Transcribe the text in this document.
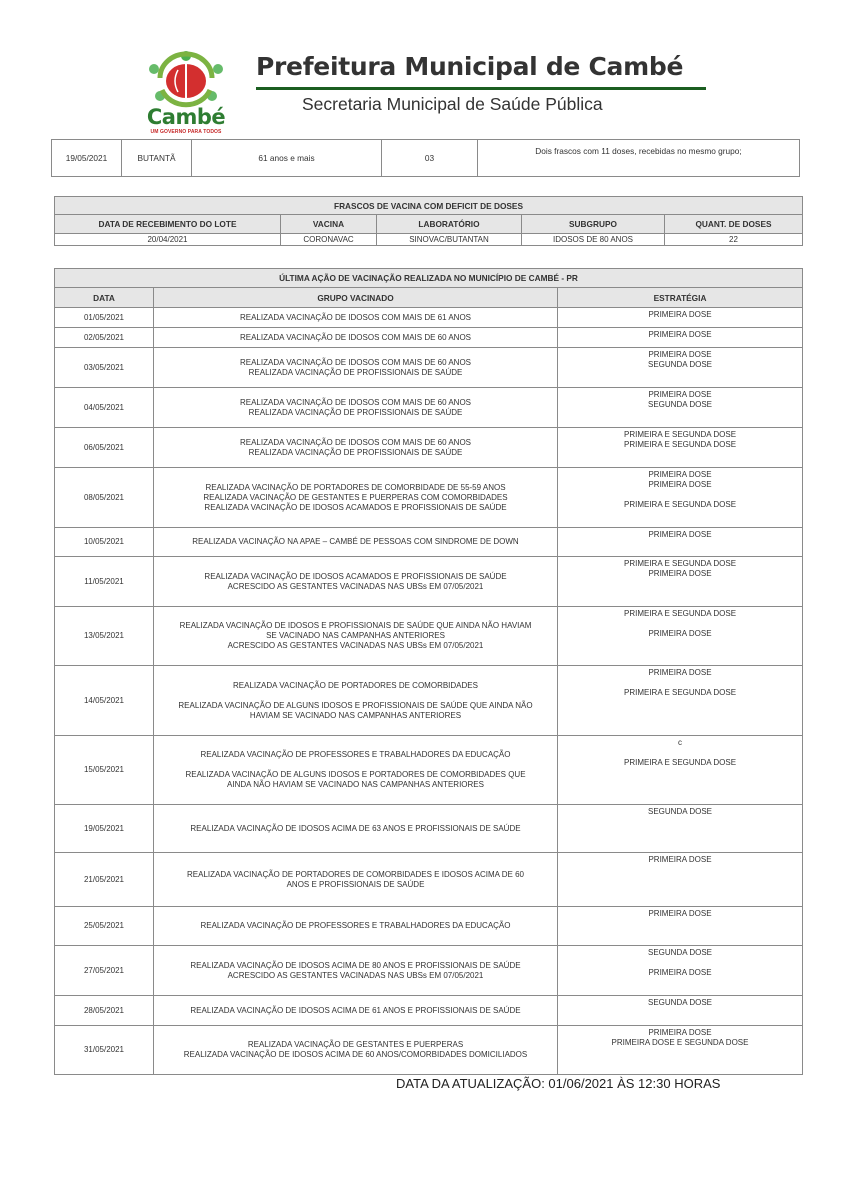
Cambé
UM GOVERNO PARA TODOS
Prefeitura Municipal de Cambé
Secretaria Municipal de Saúde Pública
19/05/2021	BUTANTÃ	61 anos e mais	03	Dois frascos com 11 doses, recebidas no mesmo grupo;
FRASCOS DE VACINA COM DEFICIT DE DOSES				
DATA DE RECEBIMENTO DO LOTE	VACINA	LABORATÓRIO	SUBGRUPO	QUANT. DE DOSES
20/04/2021	CORONAVAC	SINOVAC/BUTANTAN	IDOSOS DE 80 ANOS	22
ÚLTIMA AÇÃO DE VACINAÇÃO REALIZADA NO MUNICÍPIO DE CAMBÉ - PR		
DATA	GRUPO VACINADO	ESTRATÉGIA
01/05/2021	REALIZADA VACINAÇÃO DE IDOSOS COM MAIS DE 61 ANOS	PRIMEIRA DOSE
02/05/2021	REALIZADA VACINAÇÃO DE IDOSOS COM MAIS DE 60 ANOS	PRIMEIRA DOSE
03/05/2021	REALIZADA VACINAÇÃO DE IDOSOS COM MAIS DE 60 ANOS
REALIZADA VACINAÇÃO DE PROFISSIONAIS DE SAÚDE	PRIMEIRA DOSE
SEGUNDA DOSE
04/05/2021	REALIZADA VACINAÇÃO DE IDOSOS COM MAIS DE 60 ANOS
REALIZADA VACINAÇÃO DE PROFISSIONAIS DE SAÚDE	PRIMEIRA DOSE
SEGUNDA DOSE
06/05/2021	REALIZADA VACINAÇÃO DE IDOSOS COM MAIS DE 60 ANOS
REALIZADA VACINAÇÃO DE PROFISSIONAIS DE SAÚDE	PRIMEIRA E SEGUNDA DOSE
PRIMEIRA E SEGUNDA DOSE
08/05/2021	REALIZADA VACINAÇÃO DE PORTADORES DE COMORBIDADE DE 55-59 ANOS
REALIZADA VACINAÇÃO DE GESTANTES E PUERPERAS COM COMORBIDADES
REALIZADA VACINAÇÃO DE IDOSOS ACAMADOS E PROFISSIONAIS DE SAÚDE	PRIMEIRA DOSE
PRIMEIRA DOSE

PRIMEIRA E SEGUNDA DOSE
10/05/2021	REALIZADA VACINAÇÃO NA APAE – CAMBÉ DE PESSOAS COM SINDROME DE DOWN	PRIMEIRA DOSE
11/05/2021	REALIZADA VACINAÇÃO DE IDOSOS ACAMADOS E PROFISSIONAIS DE SAÚDE
ACRESCIDO AS GESTANTES VACINADAS NAS UBSs EM 07/05/2021	PRIMEIRA E SEGUNDA DOSE
PRIMEIRA DOSE
13/05/2021	REALIZADA VACINAÇÃO DE IDOSOS E PROFISSIONAIS DE SAÚDE QUE AINDA NÃO HAVIAM
SE VACINADO NAS CAMPANHAS ANTERIORES
ACRESCIDO AS GESTANTES VACINADAS NAS UBSs EM 07/05/2021	PRIMEIRA E SEGUNDA DOSE

PRIMEIRA DOSE
14/05/2021	REALIZADA VACINAÇÃO DE PORTADORES DE COMORBIDADES

REALIZADA VACINAÇÃO DE ALGUNS IDOSOS E PROFISSIONAIS DE SAÚDE QUE AINDA NÃO
HAVIAM SE VACINADO NAS CAMPANHAS ANTERIORES	PRIMEIRA DOSE

PRIMEIRA E SEGUNDA DOSE
15/05/2021	REALIZADA VACINAÇÃO DE PROFESSORES E TRABALHADORES DA EDUCAÇÃO

REALIZADA VACINAÇÃO DE ALGUNS IDOSOS E PORTADORES DE COMORBIDADES QUE
AINDA NÃO HAVIAM SE VACINADO NAS CAMPANHAS ANTERIORES	c

PRIMEIRA E SEGUNDA DOSE
19/05/2021	REALIZADA VACINAÇÃO DE IDOSOS ACIMA DE 63 ANOS E PROFISSIONAIS DE SAÚDE	SEGUNDA DOSE
21/05/2021	REALIZADA VACINAÇÃO DE PORTADORES DE COMORBIDADES E IDOSOS ACIMA DE 60
ANOS E PROFISSIONAIS DE SAÚDE	PRIMEIRA DOSE
25/05/2021	REALIZADA VACINAÇÃO DE PROFESSORES E TRABALHADORES DA EDUCAÇÃO	PRIMEIRA DOSE
27/05/2021	REALIZADA VACINAÇÃO DE IDOSOS ACIMA DE 80 ANOS E PROFISSIONAIS DE SAÚDE
ACRESCIDO AS GESTANTES VACINADAS NAS UBSs EM 07/05/2021	SEGUNDA DOSE

PRIMEIRA DOSE
28/05/2021	REALIZADA VACINAÇÃO DE IDOSOS ACIMA DE 61 ANOS E PROFISSIONAIS DE SAÚDE	SEGUNDA DOSE
31/05/2021	REALIZADA VACINAÇÃO DE GESTANTES E PUERPERAS
REALIZADA VACINAÇÃO DE IDOSOS ACIMA DE 60 ANOS/COMORBIDADES DOMICILIADOS	PRIMEIRA DOSE
PRIMEIRA DOSE E SEGUNDA DOSE
DATA DA ATUALIZAÇÃO: 01/06/2021 ÀS 12:30 HORAS
